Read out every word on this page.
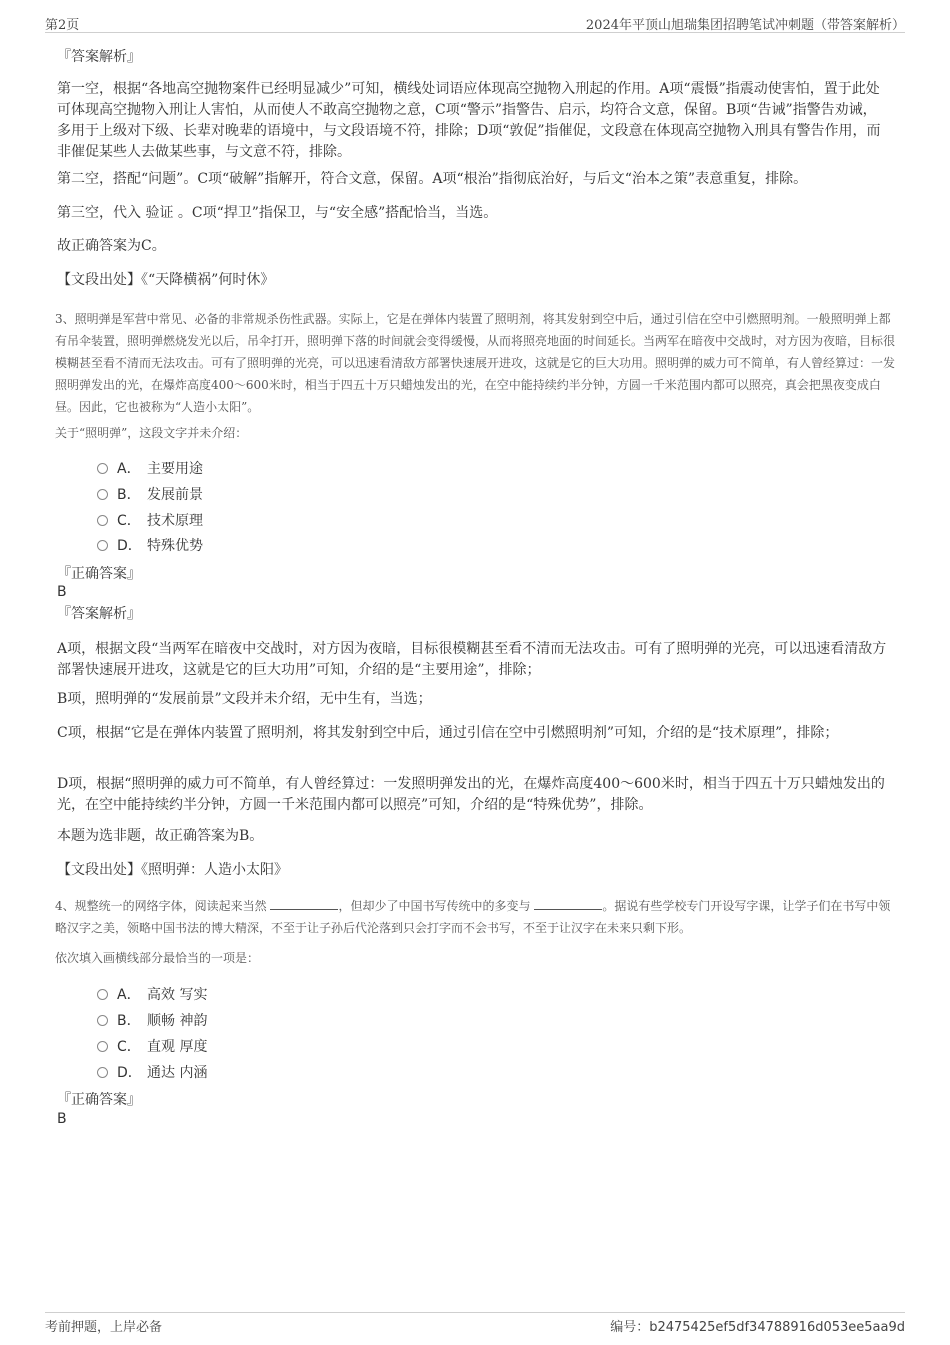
第2页	2024年平顶山旭瑞集团招聘笔试冲刺题（带答案解析）
『答案解析』

第一空，根据“各地高空抛物案件已经明显减少”可知，横线处词语应体现高空抛物入刑起的作用。A项“震慑”指震动使害怕，置于此处可体现高空抛物入刑让人害怕，从而使人不敢高空抛物之意，C项“警示”指警告、启示，均符合文意，保留。B项“告诫”指警告劝诫，多用于上级对下级、长辈对晚辈的语境中，与文段语境不符，排除；D项“敦促”指催促，文段意在体现高空抛物入刑具有警告作用，而非催促某些人去做某些事，与文意不符，排除。

第二空，搭配“问题”。C项“破解”指解开，符合文意，保留。A项“根治”指彻底治好，与后文“治本之策”表意重复，排除。

第三空，代入 验证 。C项“捍卫”指保卫，与“安全感”搭配恰当，当选。

故正确答案为C。

【文段出处】《“天降横祸”何时休》

3、照明弹是军营中常见、必备的非常规杀伤性武器。实际上，它是在弹体内装置了照明剂，将其发射到空中后，通过引信在空中引燃照明剂。一般照明弹上都有吊伞装置，照明弹燃烧发光以后，吊伞打开，照明弹下落的时间就会变得缓慢，从而将照亮地面的时间延长。当两军在暗夜中交战时，对方因为夜暗，目标很模糊甚至看不清而无法攻击。可有了照明弹的光亮，可以迅速看清敌方部署快速展开进攻，这就是它的巨大功用。照明弹的威力可不简单，有人曾经算过：一发照明弹发出的光，在爆炸高度400～600米时，相当于四五十万只蜡烛发出的光，在空中能持续约半分钟，方圆一千米范围内都可以照亮，真会把黑夜变成白昼。因此，它也被称为“人造小太阳”。

关于“照明弹”，这段文字并未介绍：

A． 主要用途
B． 发展前景
C． 技术原理
D． 特殊优势
『正确答案』
B
『答案解析』

A项，根据文段“当两军在暗夜中交战时，对方因为夜暗，目标很模糊甚至看不清而无法攻击。可有了照明弹的光亮，可以迅速看清敌方部署快速展开进攻，这就是它的巨大功用”可知，介绍的是“主要用途”，排除；

B项，照明弹的“发展前景”文段并未介绍，无中生有，当选；

C项，根据“它是在弹体内装置了照明剂，将其发射到空中后，通过引信在空中引燃照明剂”可知，介绍的是“技术原理”，排除；

D项，根据“照明弹的威力可不简单，有人曾经算过：一发照明弹发出的光，在爆炸高度400～600米时，相当于四五十万只蜡烛发出的光，在空中能持续约半分钟，方圆一千米范围内都可以照亮”可知，介绍的是“特殊优势”，排除。

本题为选非题，故正确答案为B。

【文段出处】《照明弹：人造小太阳》

4、规整统一的网络字体，阅读起来当然	，但却少了中国书写传统中的多变与	。据说有些学校专门开设写字课，让学子们在书写中领略汉字之美，领略中国书法的博大精深，不至于让子孙后代沦落到只会打字而不会书写，不至于让汉字在未来只剩下形。

依次填入画横线部分最恰当的一项是：

A． 高效 写实
B． 顺畅 神韵
C． 直观 厚度
D． 通达 内涵
『正确答案』
B
考前押题，上岸必备	编号：b2475425ef5df34788916d053ee5aa9d
